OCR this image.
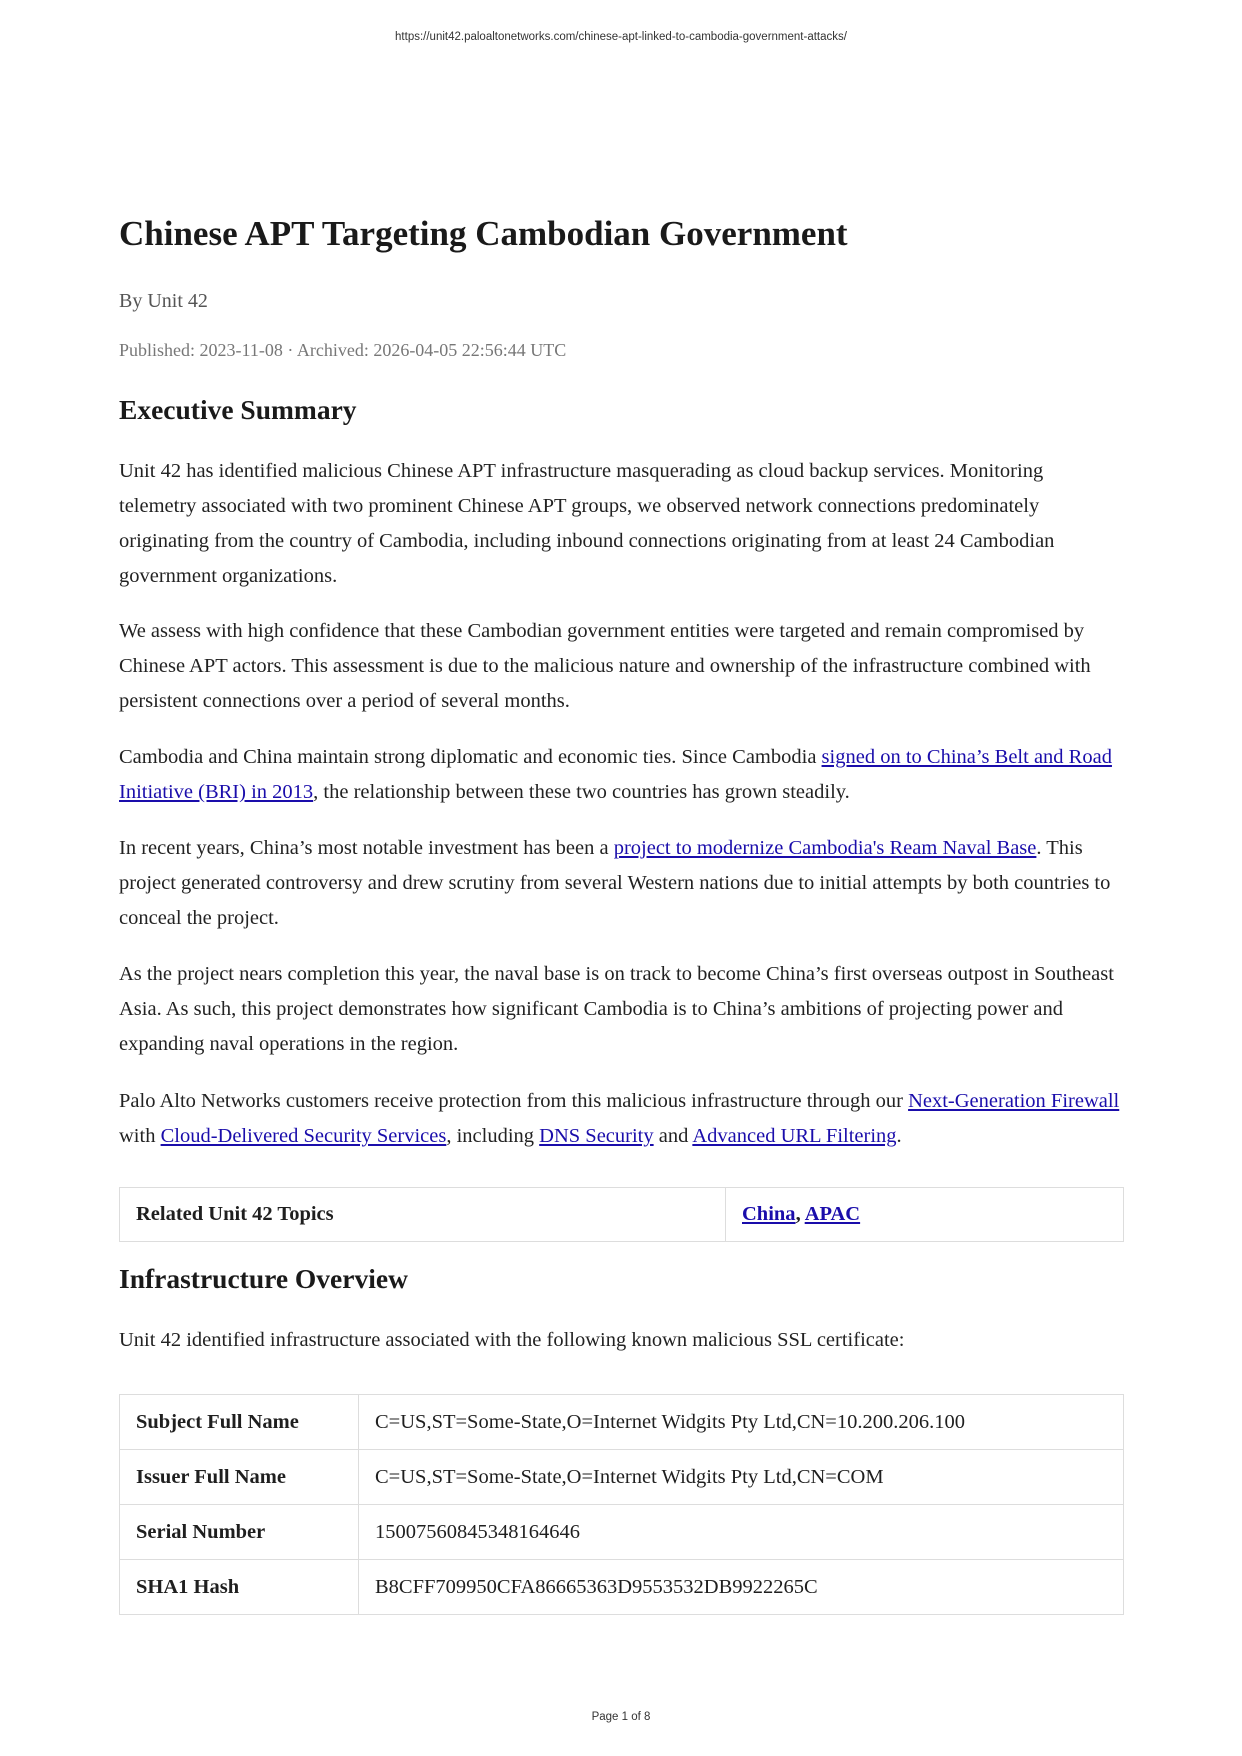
https://unit42.paloaltonetworks.com/chinese-apt-linked-to-cambodia-government-attacks/
Chinese APT Targeting Cambodian Government
By Unit 42
Published: 2023-11-08 · Archived: 2026-04-05 22:56:44 UTC
Executive Summary

Unit 42 has identified malicious Chinese APT infrastructure masquerading as cloud backup services. Monitoring telemetry associated with two prominent Chinese APT groups, we observed network connections predominately originating from the country of Cambodia, including inbound connections originating from at least 24 Cambodian government organizations.

We assess with high confidence that these Cambodian government entities were targeted and remain compromised by Chinese APT actors. This assessment is due to the malicious nature and ownership of the infrastructure combined with persistent connections over a period of several months.

Cambodia and China maintain strong diplomatic and economic ties. Since Cambodia signed on to China’s Belt and Road Initiative (BRI) in 2013, the relationship between these two countries has grown steadily.

In recent years, China’s most notable investment has been a project to modernize Cambodia's Ream Naval Base. This project generated controversy and drew scrutiny from several Western nations due to initial attempts by both countries to conceal the project.

As the project nears completion this year, the naval base is on track to become China’s first overseas outpost in Southeast Asia. As such, this project demonstrates how significant Cambodia is to China’s ambitions of projecting power and expanding naval operations in the region.

Palo Alto Networks customers receive protection from this malicious infrastructure through our Next-Generation Firewall with Cloud-Delivered Security Services, including DNS Security and Advanced URL Filtering.

Related Unit 42 Topics	China, APAC
Infrastructure Overview

Unit 42 identified infrastructure associated with the following known malicious SSL certificate:

Subject Full Name	C=US,ST=Some-State,O=Internet Widgits Pty Ltd,CN=10.200.206.100
Issuer Full Name	C=US,ST=Some-State,O=Internet Widgits Pty Ltd,CN=COM
Serial Number	15007560845348164646
SHA1 Hash	B8CFF709950CFA86665363D9553532DB9922265C
Page 1 of 8
